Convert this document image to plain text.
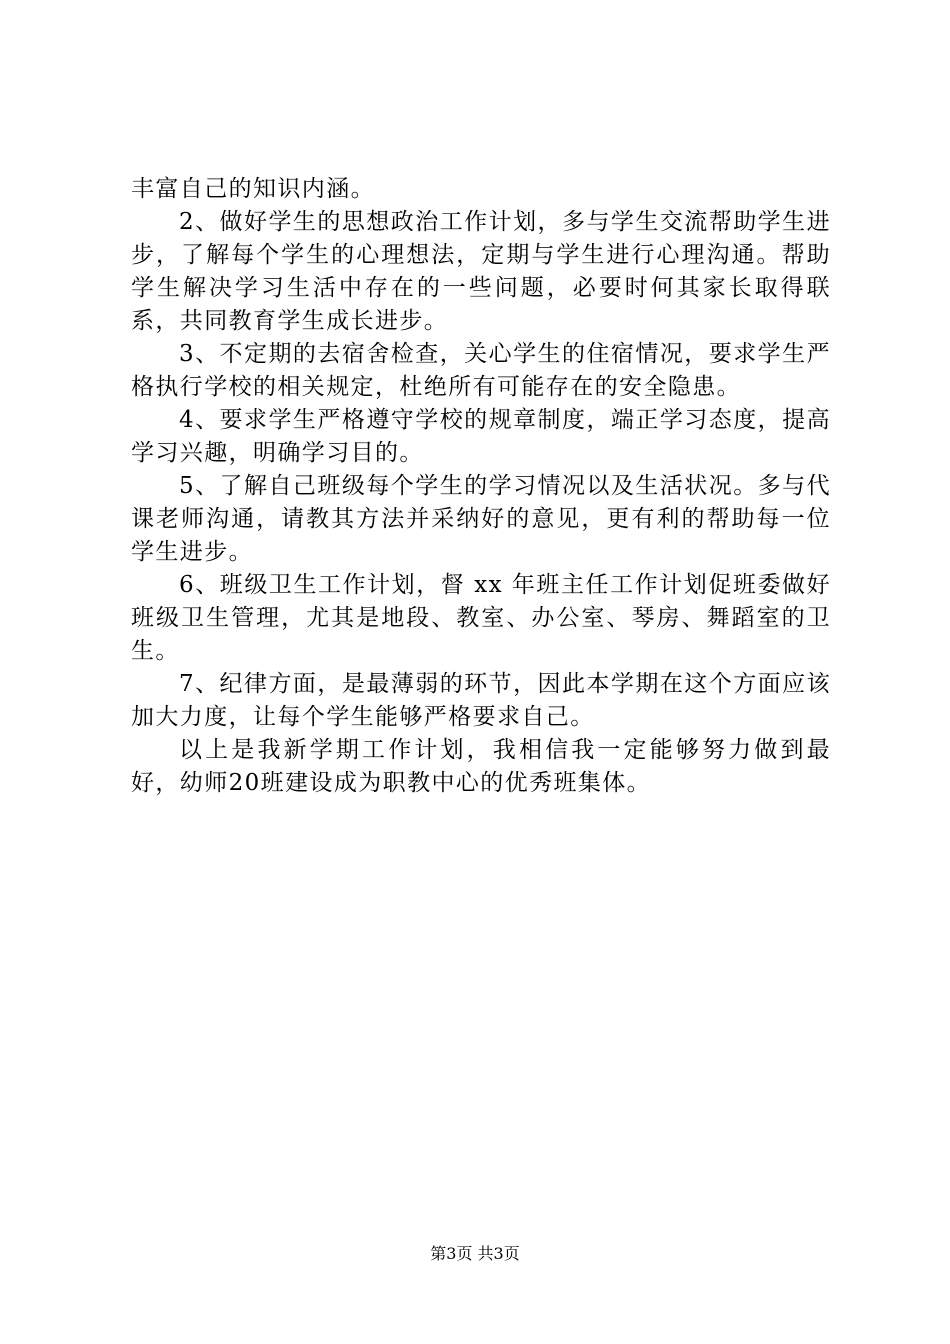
丰富自己的知识内涵。

2、做好学生的思想政治工作计划，多与学生交流帮助学生进步，了解每个学生的心理想法，定期与学生进行心理沟通。帮助学生解决学习生活中存在的一些问题，必要时何其家长取得联系，共同教育学生成长进步。

3、不定期的去宿舍检查，关心学生的住宿情况，要求学生严格执行学校的相关规定，杜绝所有可能存在的安全隐患。

4、要求学生严格遵守学校的规章制度，端正学习态度，提高学习兴趣，明确学习目的。

5、了解自己班级每个学生的学习情况以及生活状况。多与代课老师沟通，请教其方法并采纳好的意见，更有利的帮助每一位学生进步。

6、班级卫生工作计划，督 xx 年班主任工作计划促班委做好班级卫生管理，尤其是地段、教室、办公室、琴房、舞蹈室的卫生。

7、纪律方面，是最薄弱的环节，因此本学期在这个方面应该加大力度，让每个学生能够严格要求自己。

以上是我新学期工作计划，我相信我一定能够努力做到最好，幼师20班建设成为职教中心的优秀班集体。

第3页 共3页
